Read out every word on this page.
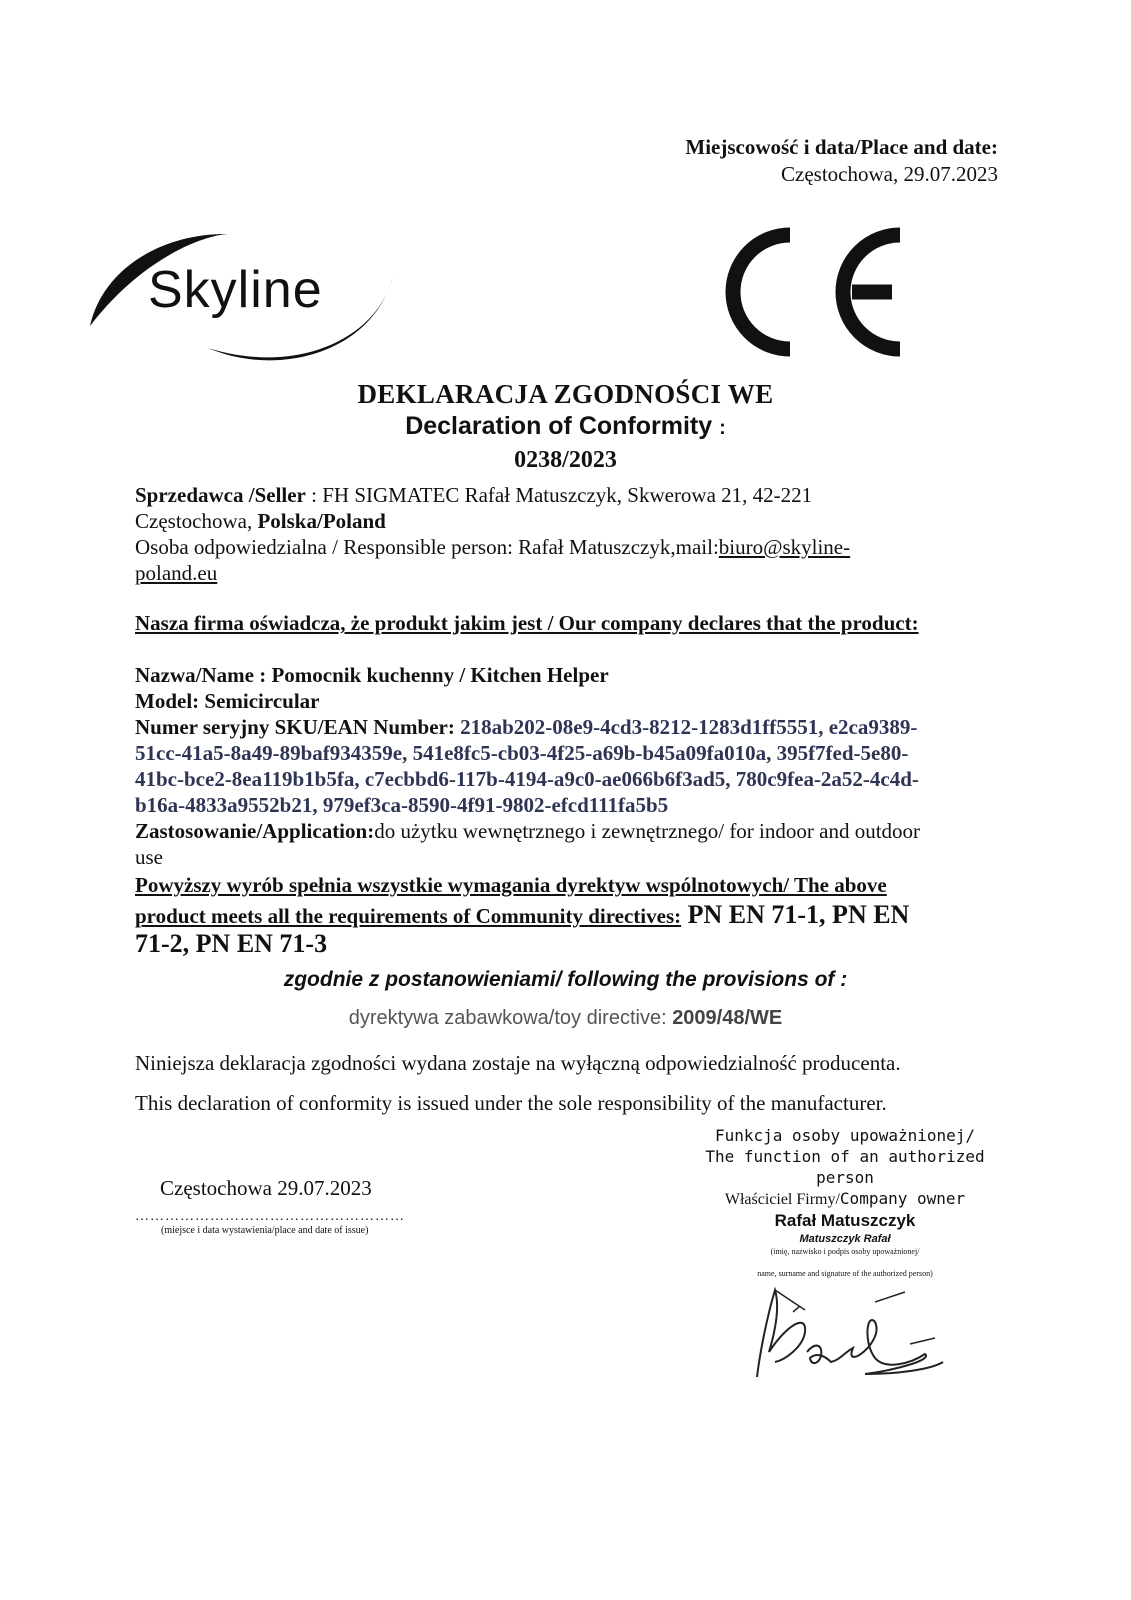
Miejscowość i data/Place and date:
Częstochowa, 29.07.2023
Skyline
DEKLARACJA ZGODNOŚCI WE
Declaration of Conformity :
0238/2023
Sprzedawca /Seller : FH SIGMATEC Rafał Matuszczyk, Skwerowa 21, 42-221
Częstochowa, Polska/Poland
Osoba odpowiedzialna / Responsible person: Rafał Matuszczyk,mail:biuro@skyline-
poland.eu
Nasza firma oświadcza, że produkt jakim jest / Our company declares that the product:
Nazwa/Name : Pomocnik kuchenny / Kitchen Helper
Model: Semicircular
Numer seryjny SKU/EAN Number: 218ab202-08e9-4cd3-8212-1283d1ff5551, e2ca9389-
51cc-41a5-8a49-89baf934359e, 541e8fc5-cb03-4f25-a69b-b45a09fa010a, 395f7fed-5e80-
41bc-bce2-8ea119b1b5fa, c7ecbbd6-117b-4194-a9c0-ae066b6f3ad5, 780c9fea-2a52-4c4d-
b16a-4833a9552b21, 979ef3ca-8590-4f91-9802-efcd111fa5b5
Zastosowanie/Application:do użytku wewnętrznego i zewnętrznego/ for indoor and outdoor
use
Powyższy wyrób spełnia wszystkie wymagania dyrektyw wspólnotowych/ The above
product meets all the requirements of Community directives: PN EN 71-1, PN EN
71-2, PN EN 71-3
zgodnie z postanowieniami/ following the provisions of :
dyrektywa zabawkowa/toy directive: 2009/48/WE
Niniejsza deklaracja zgodności wydana zostaje na wyłączną odpowiedzialność producenta.
This declaration of conformity is issued under the sole responsibility of the manufacturer.
Częstochowa 29.07.2023
………………………………………………
(miejsce i data wystawienia/place and date of issue)
Funkcja osoby upoważnionej/
The function of an authorized
person
Właściciel Firmy/Company owner
Rafał Matuszczyk
Matuszczyk Rafał
(imię, nazwisko i podpis osoby upoważnionej/
name, surname and signature of the authorized person)
